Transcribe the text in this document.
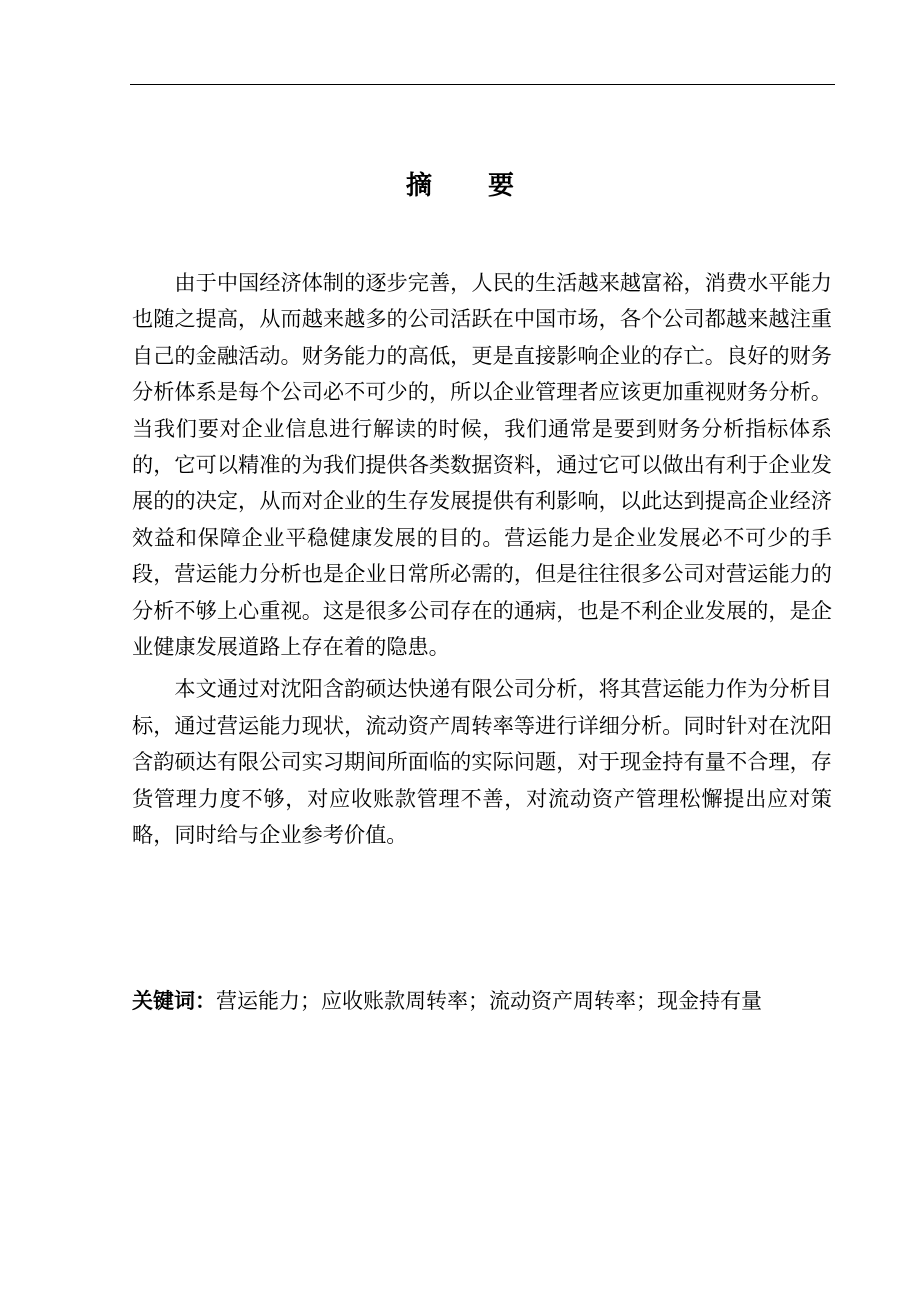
摘 要

由于中国经济体制的逐步完善，人民的生活越来越富裕，消费水平能力也随之提高，从而越来越多的公司活跃在中国市场，各个公司都越来越注重自己的金融活动。财务能力的高低，更是直接影响企业的存亡。良好的财务分析体系是每个公司必不可少的，所以企业管理者应该更加重视财务分析。当我们要对企业信息进行解读的时候，我们通常是要到财务分析指标体系的，它可以精准的为我们提供各类数据资料，通过它可以做出有利于企业发展的的决定，从而对企业的生存发展提供有利影响，以此达到提高企业经济效益和保障企业平稳健康发展的目的。营运能力是企业发展必不可少的手段，营运能力分析也是企业日常所必需的，但是往往很多公司对营运能力的分析不够上心重视。这是很多公司存在的通病，也是不利企业发展的，是企业健康发展道路上存在着的隐患。

本文通过对沈阳含韵硕达快递有限公司分析，将其营运能力作为分析目标，通过营运能力现状，流动资产周转率等进行详细分析。同时针对在沈阳含韵硕达有限公司实习期间所面临的实际问题，对于现金持有量不合理，存货管理力度不够，对应收账款管理不善，对流动资产管理松懈提出应对策略，同时给与企业参考价值。

关键词：营运能力；应收账款周转率；流动资产周转率；现金持有量
